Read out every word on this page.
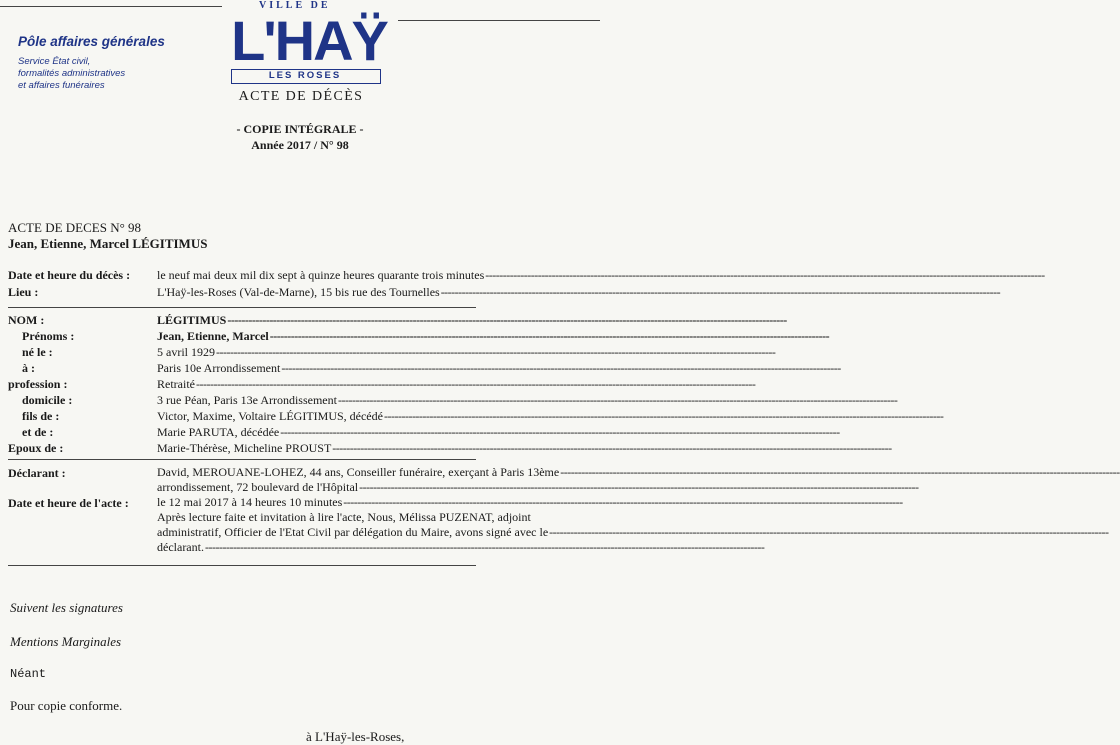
Pôle affaires générales
Service État civil,
formalités administratives
et affaires funéraires
VILLE DE
L'HAŸ
LES ROSES
ACTE DE DÉCÈS
- COPIE INTÉGRALE -
Année 2017 / N° 98
ACTE DE DECES N° 98
Jean, Etienne, Marcel LÉGITIMUS
Date et heure du décès : le neuf mai deux mil dix sept à quinze heures quarante trois minutes -----
Lieu :	L'Haÿ-les-Roses (Val-de-Marne), 15 bis rue des Tournelles -----
NOM :	LÉGITIMUS -----
Prénoms :	Jean, Etienne, Marcel -----
né le :	5 avril 1929 -----
à :	Paris 10e Arrondissement -----
profession :	Retraité -----
domicile :	3 rue Péan, Paris 13e Arrondissement -----
fils de :	Victor, Maxime, Voltaire LÉGITIMUS, décédé -----
et de :	Marie PARUTA, décédée -----
Epoux de :	Marie-Thérèse, Micheline PROUST -----
Déclarant :	David, MEROUANE-LOHEZ, 44 ans, Conseiller funéraire, exerçant à Paris 13ème -----
arrondissement, 72 boulevard de l'Hôpital -----
Date et heure de l'acte : le 12 mai 2017 à 14 heures 10 minutes -----
Après lecture faite et invitation à lire l'acte, Nous, Mélissa PUZENAT, adjoint
administratif, Officier de l'Etat Civil par délégation du Maire, avons signé avec le -----
déclarant. -----
Suivent les signatures
Mentions Marginales
Néant
Pour copie conforme.
à L'Haÿ-les-Roses,
